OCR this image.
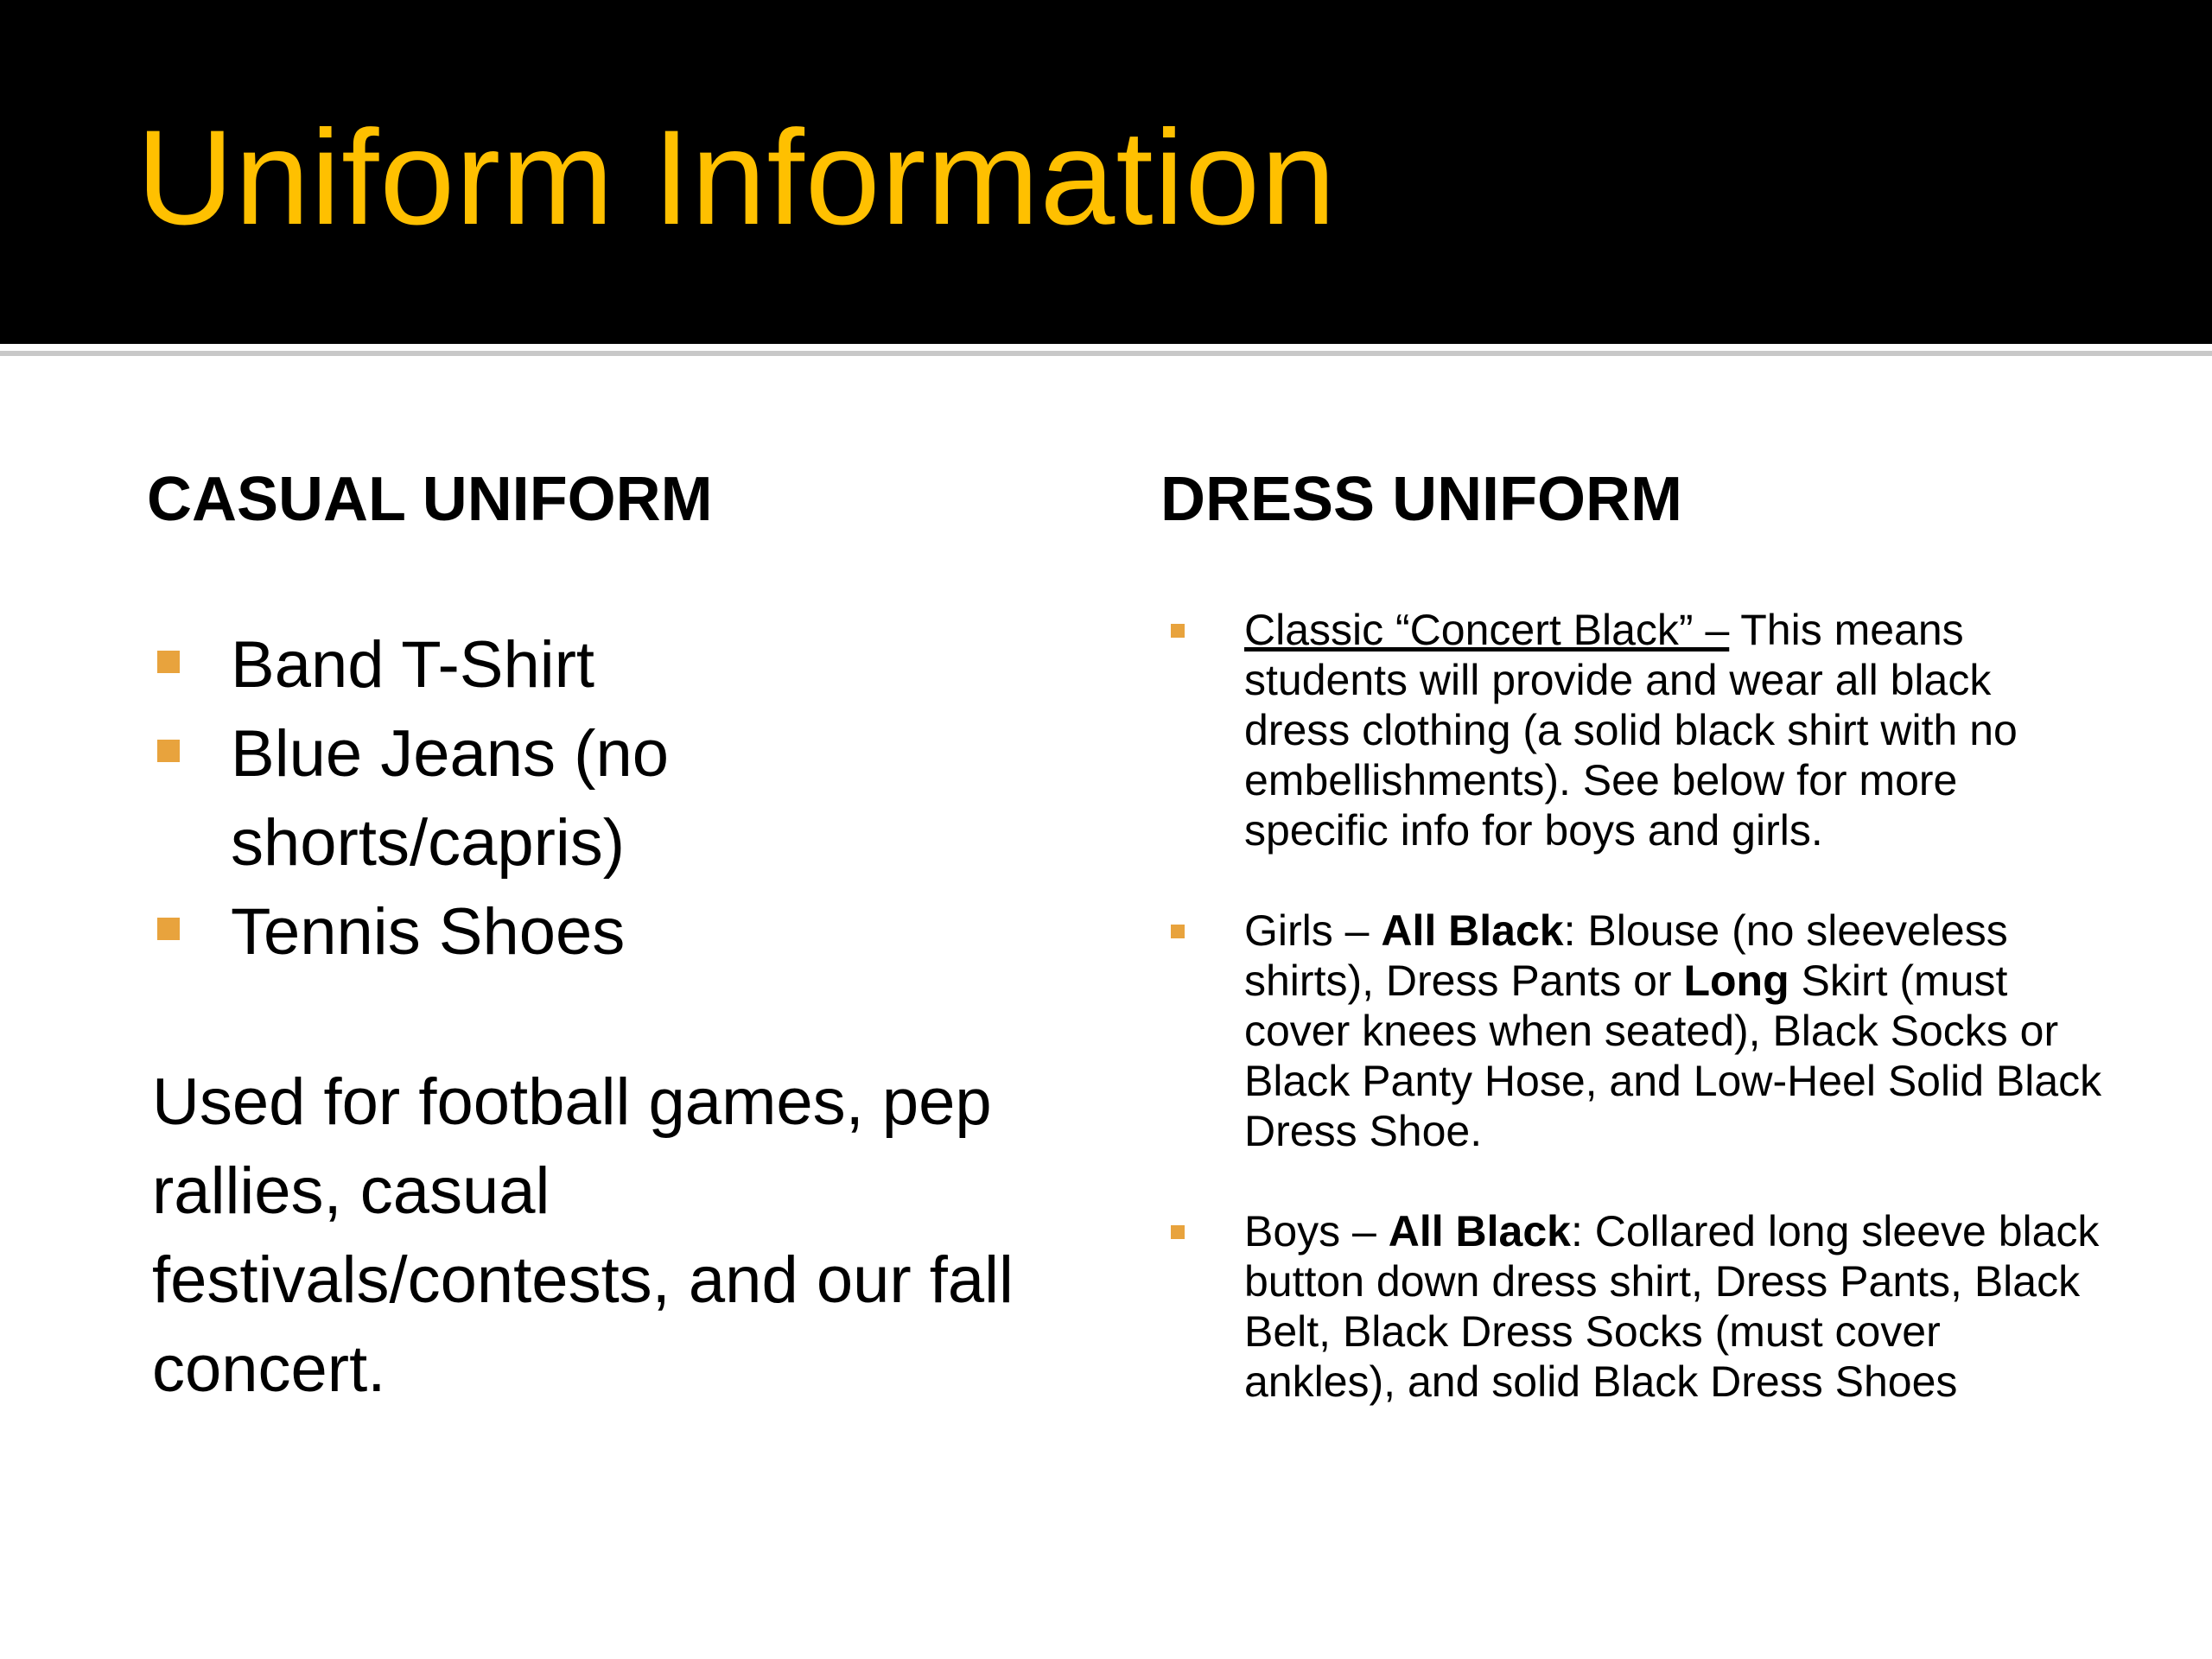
Uniform Information
CASUAL UNIFORM	DRESS UNIFORM
Band T-Shirt
Blue Jeans (no shorts/capris)
Tennis Shoes

Used for football games, pep rallies, casual festivals/contests, and our fall concert.

Classic “Concert Black” – This means students will provide and wear all black dress clothing (a solid black shirt with no embellishments). See below for more specific info for boys and girls.
Girls – All Black: Blouse (no sleeveless shirts), Dress Pants or Long Skirt (must cover knees when seated), Black Socks or Black Panty Hose, and Low-Heel Solid Black Dress Shoe.
Boys – All Black: Collared long sleeve black button down dress shirt, Dress Pants, Black Belt, Black Dress Socks (must cover ankles), and solid Black Dress Shoes
